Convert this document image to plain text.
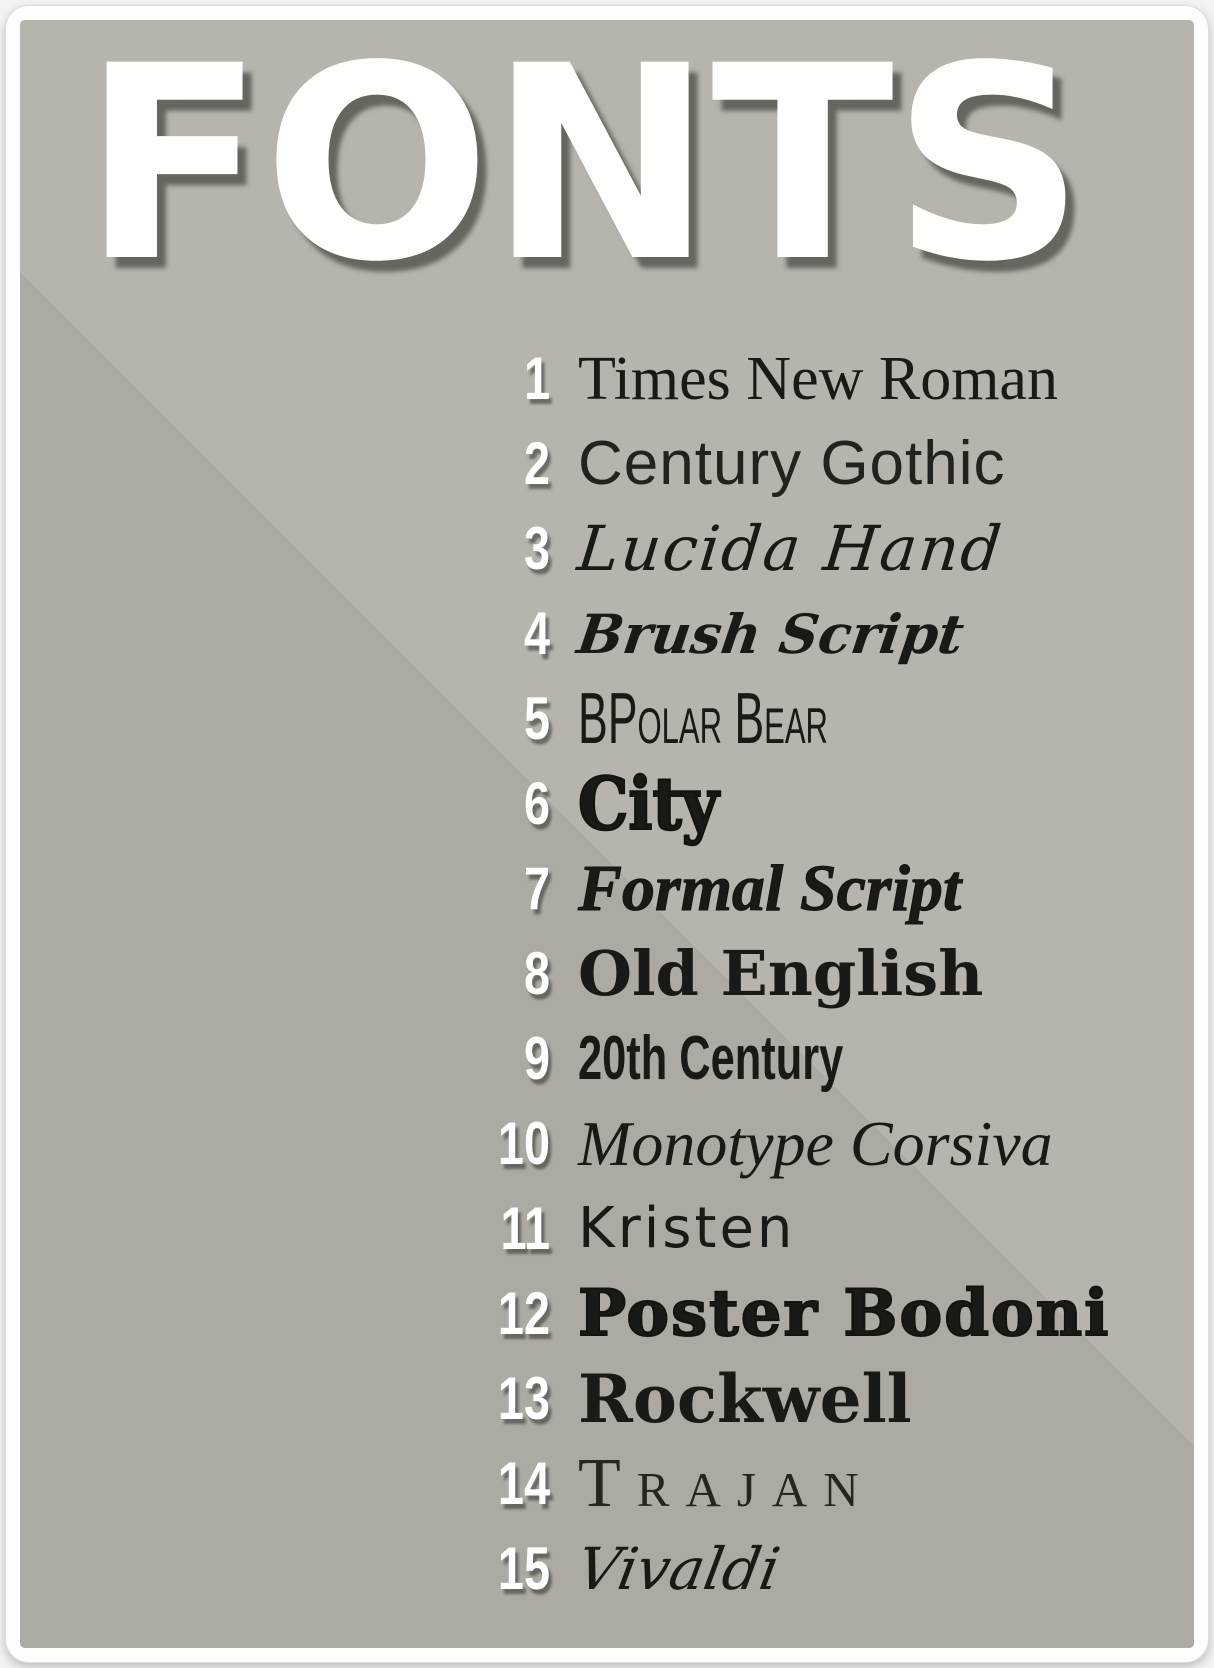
FONTS
1 Times New Roman
2 Century Gothic
3 Lucida Hand
4 Brush Script
5 BPolar Bear
6 City
7 Formal Script
8 Old English
9 20th Century
10 Monotype Corsiva
11 Kristen
12 Poster Bodoni
13 Rockwell
14 Trajan
15 Vivaldi
